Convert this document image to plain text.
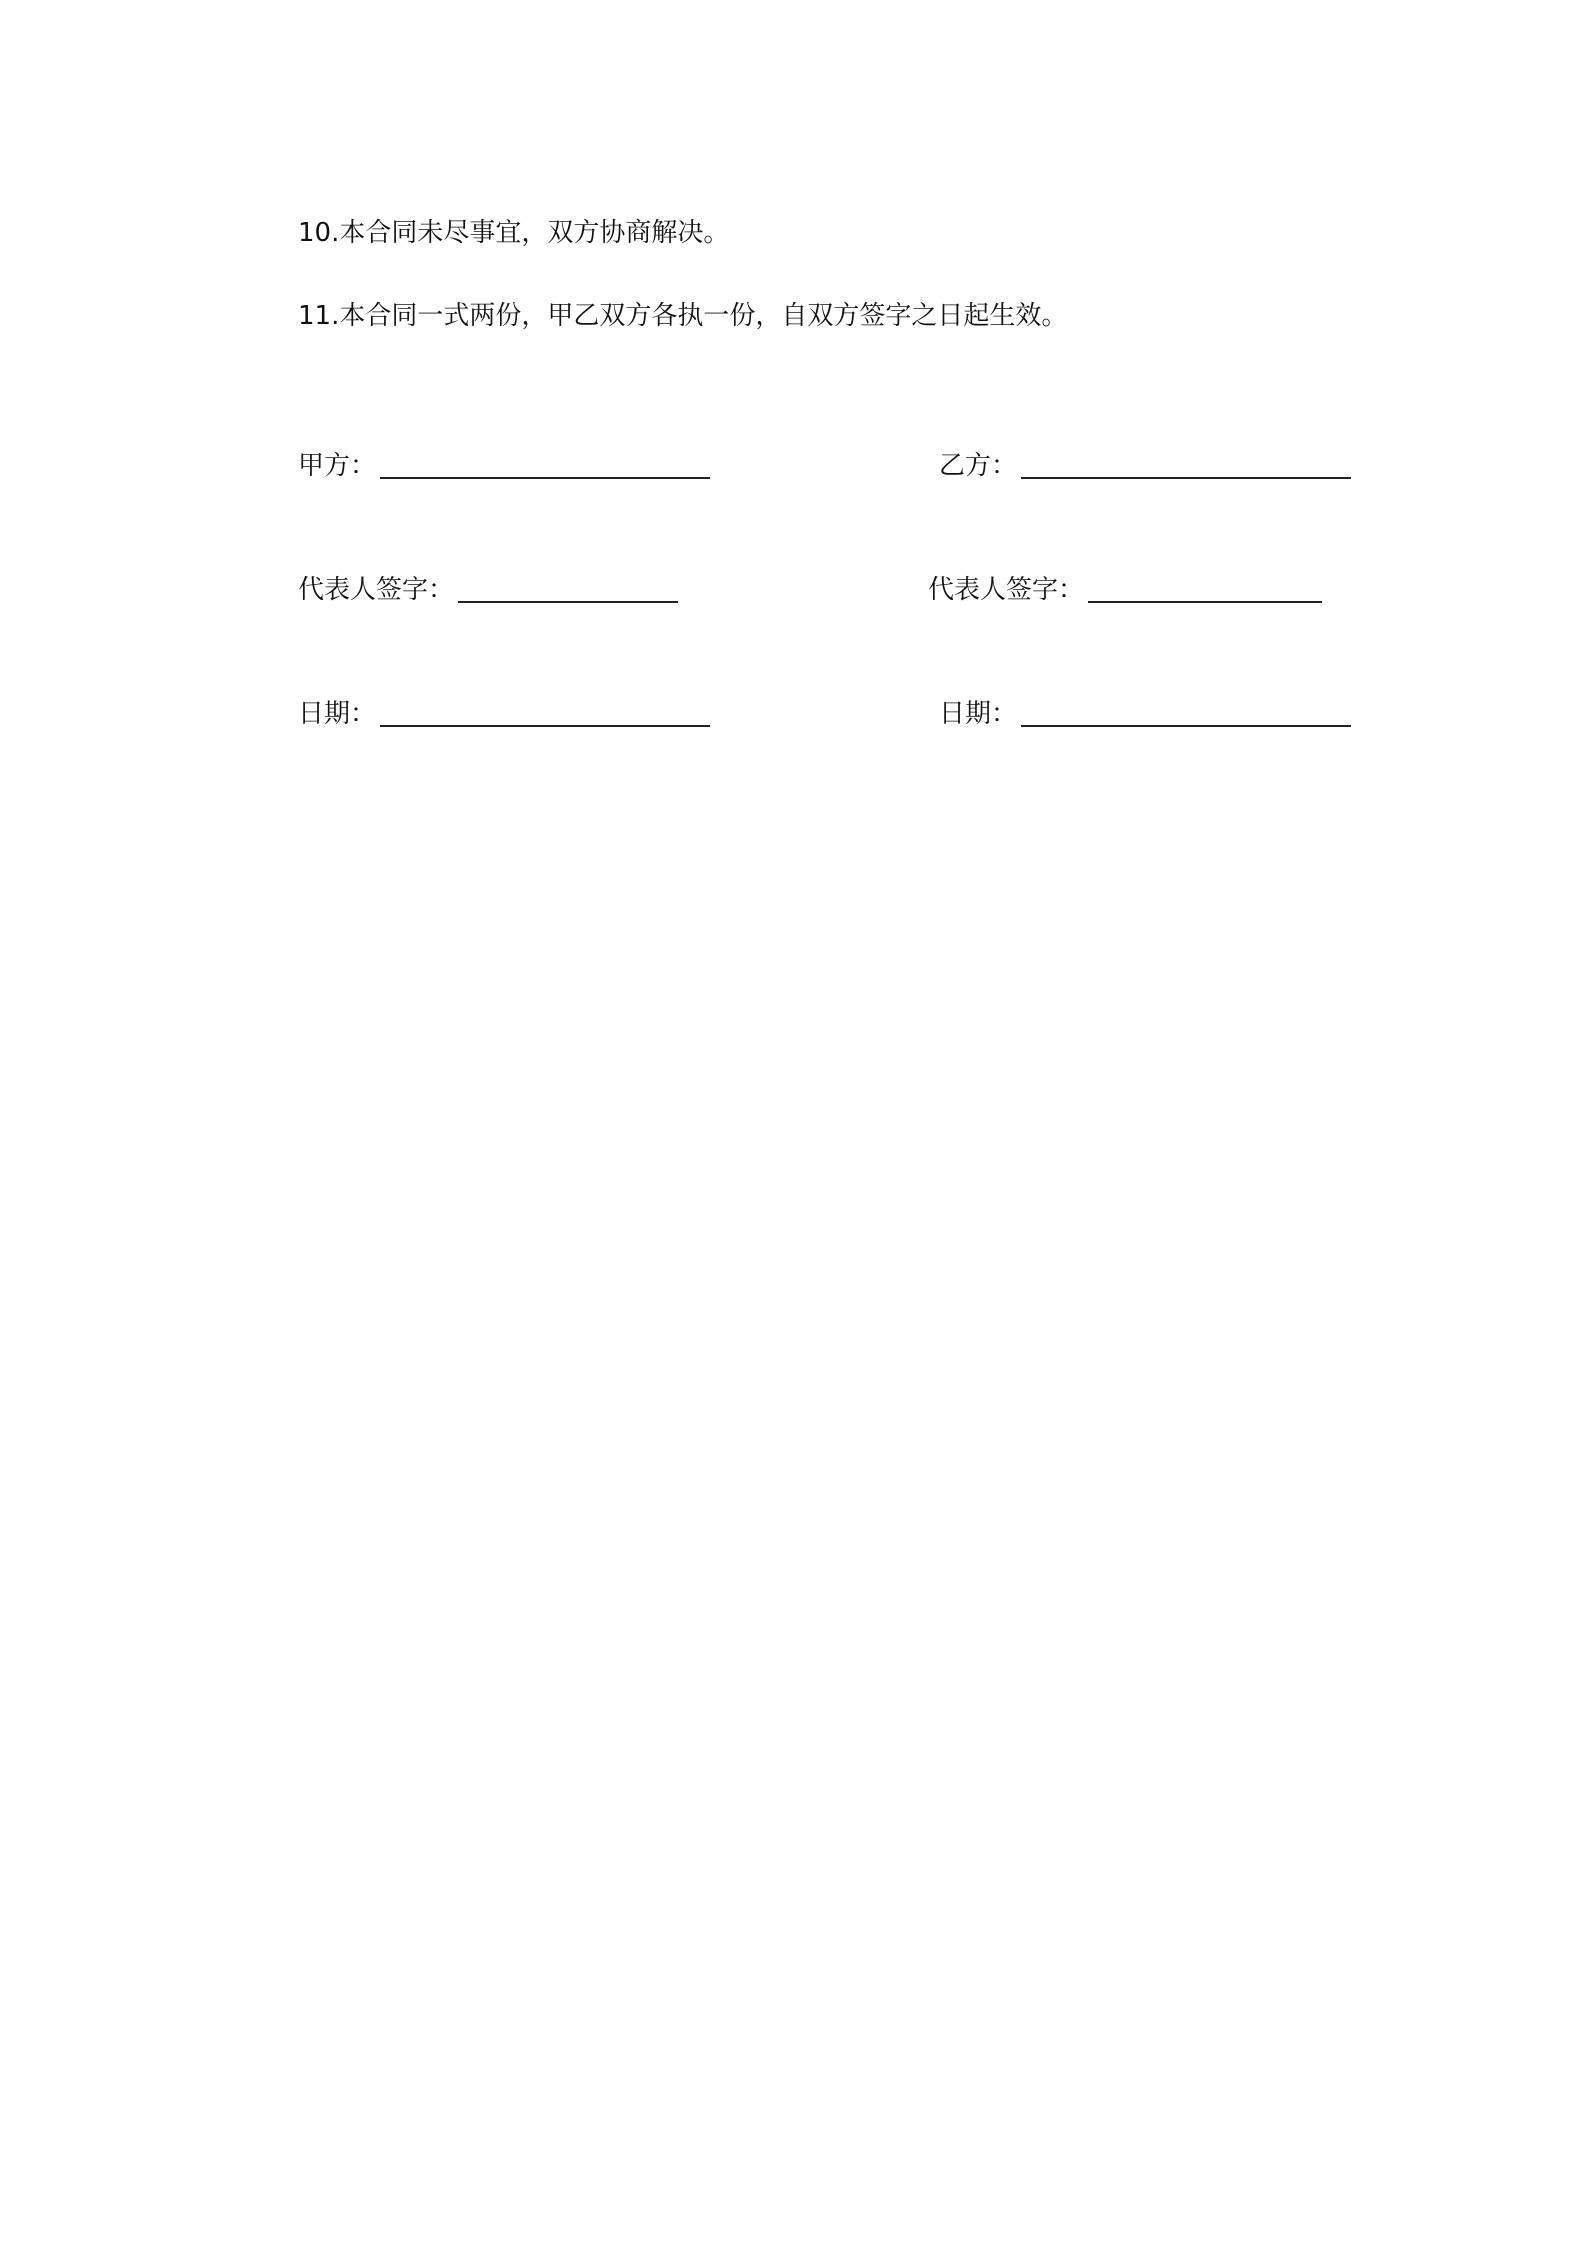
10.本合同未尽事宜，双方协商解决。
11.本合同一式两份，甲乙双方各执一份，自双方签字之日起生效。
甲方：	乙方：
代表人签字：	代表人签字：
日期：	日期：
